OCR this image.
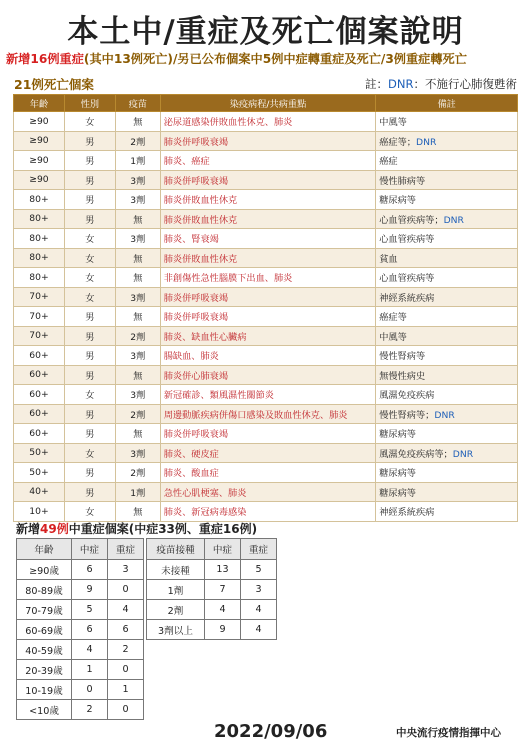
本土中/重症及死亡個案說明
新增16例重症(其中13例死亡)/另已公布個案中5例中症轉重症及死亡/3例重症轉死亡
21例死亡個案	註：DNR：不施行心肺復甦術
年齡	性別	疫苗	染疫病程/共病重點	備註
≥90	女	無	泌尿道感染併敗血性休克、肺炎	中風等
≥90	男	2劑	肺炎併呼吸衰竭	癌症等；DNR
≥90	男	1劑	肺炎、癌症	癌症
≥90	男	3劑	肺炎併呼吸衰竭	慢性肺病等
80+	男	3劑	肺炎併敗血性休克	糖尿病等
80+	男	無	肺炎併敗血性休克	心血管疾病等；DNR
80+	女	3劑	肺炎、腎衰竭	心血管疾病等
80+	女	無	肺炎併敗血性休克	貧血
80+	女	無	非創傷性急性腦膜下出血、肺炎	心血管疾病等
70+	女	3劑	肺炎併呼吸衰竭	神經系統疾病
70+	男	無	肺炎併呼吸衰竭	癌症等
70+	男	2劑	肺炎、缺血性心臟病	中風等
60+	男	3劑	腸缺血、肺炎	慢性腎病等
60+	男	無	肺炎併心肺衰竭	無慢性病史
60+	女	3劑	新冠確診、類風濕性關節炎	風濕免疫疾病
60+	男	2劑	周邊動脈疾病併傷口感染及敗血性休克、肺炎	慢性腎病等；DNR
60+	男	無	肺炎併呼吸衰竭	糖尿病等
50+	女	3劑	肺炎、硬皮症	風濕免疫疾病等；DNR
50+	男	2劑	肺炎、酸血症	糖尿病等
40+	男	1劑	急性心肌梗塞、肺炎	糖尿病等
10+	女	無	肺炎、新冠病毒感染	神經系統疾病
新增49例中重症個案(中症33例、重症16例)
年齡	中症	重症
≥90歲	6	3
80-89歲	9	0
70-79歲	5	4
60-69歲	6	6
40-59歲	4	2
20-39歲	1	0
10-19歲	0	1
<10歲	2	0
疫苗接種	中症	重症
未接種	13	5
1劑	7	3
2劑	4	4
3劑以上	9	4
2022/09/06	中央流行疫情指揮中心
